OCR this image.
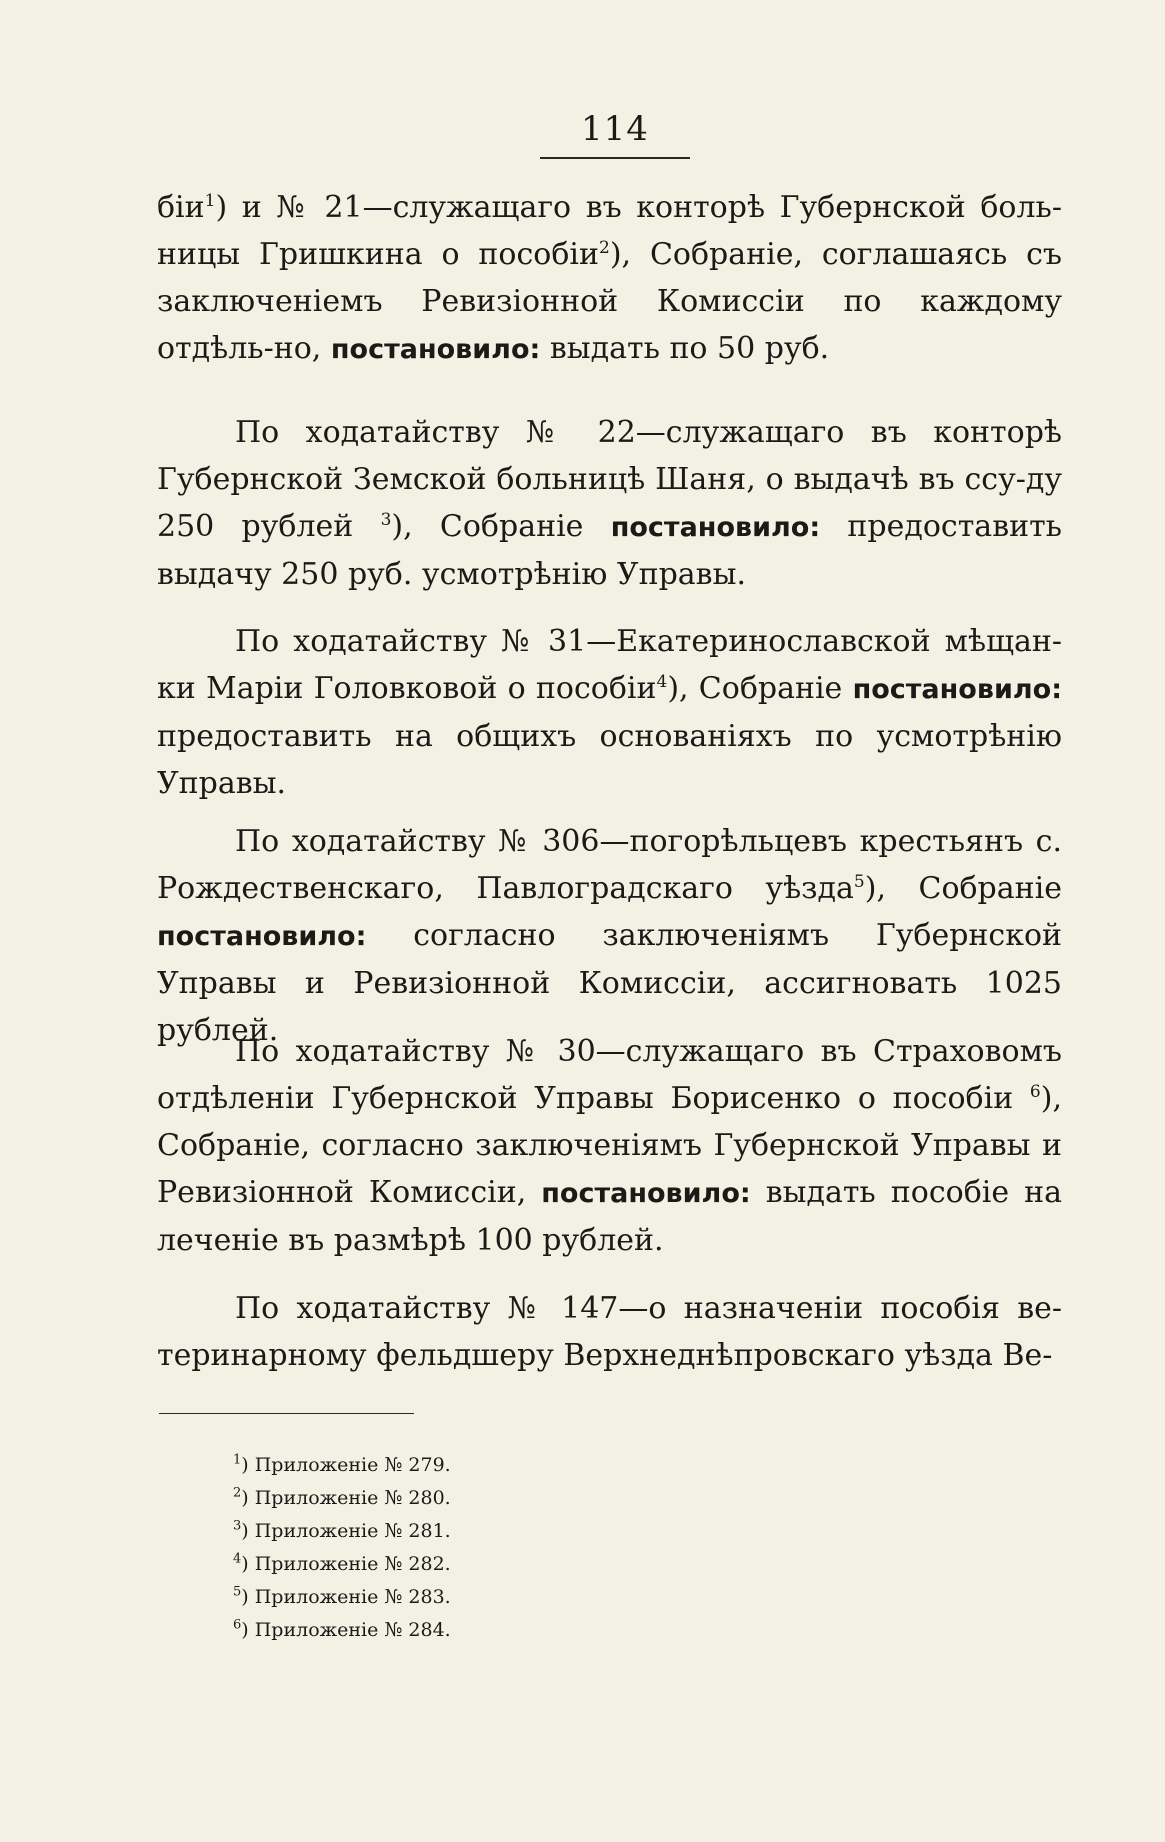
114
біи$^1$) и № 21—служащаго въ конторѣ Губернской боль-ницы Гришкина о пособіи$^2$), Собраніе, соглашаясь съ заключеніемъ Ревизіонной Комиссіи по каждому отдѣль-но, постановило: выдать по 50 руб.
По ходатайству № 22—служащаго въ конторѣ Губернской Земской больницѣ Шаня, о выдачѣ въ ссу-ду 250 рублей $^3$), Собраніе постановило: предоставить выдачу 250 руб. усмотрѣнію Управы.
По ходатайству № 31—Екатеринославской мѣщан-ки Маріи Головковой о пособіи$^4$), Собраніе постановило: предоставить на общихъ основаніяхъ по усмотрѣнію Управы.
По ходатайству № 306—погорѣльцевъ крестьянъ с. Рождественскаго, Павлоградскаго уѣзда$^5$), Собраніе постановило: согласно заключеніямъ Губернской Управы и Ревизіонной Комиссіи, ассигновать 1025 рублей.
По ходатайству № 30—служащаго въ Страховомъ отдѣленіи Губернской Управы Борисенко о пособіи $^6$), Собраніе, согласно заключеніямъ Губернской Управы и Ревизіонной Комиссіи, постановило: выдать пособіе на леченіе въ размѣрѣ 100 рублей.
По ходатайству № 147—о назначеніи пособія ве-теринарному фельдшеру Верхнеднѣпровскаго уѣзда Ве-
$^1$) Приложеніе № 279.
$^2$) Приложеніе № 280.
$^3$) Приложеніе № 281.
$^4$) Приложеніе № 282.
$^5$) Приложеніе № 283.
$^6$) Приложеніе № 284.
